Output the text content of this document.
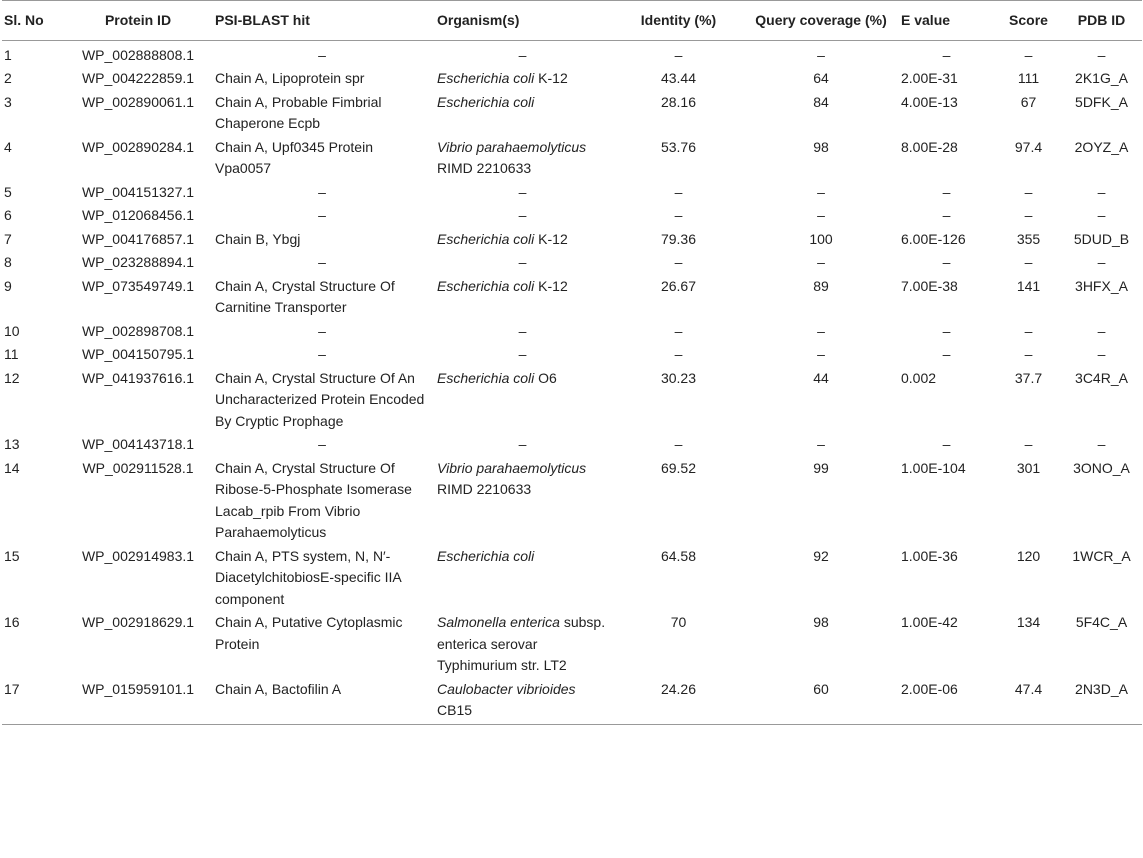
Sl. No	Protein ID	PSI-BLAST hit	Organism(s)	Identity (%)	Query coverage (%)	E value	Score	PDB ID
1	WP_002888808.1	–	–	–	–	–	–	–
2	WP_004222859.1	Chain A, Lipoprotein spr	Escherichia coli K-12	43.44	64	2.00E-31	111	2K1G_A
3	WP_002890061.1	Chain A, Probable Fimbrial Chaperone Ecpb	Escherichia coli	28.16	84	4.00E-13	67	5DFK_A
4	WP_002890284.1	Chain A, Upf0345 Protein Vpa0057	Vibrio parahaemolyticus RIMD 2210633	53.76	98	8.00E-28	97.4	2OYZ_A
5	WP_004151327.1	–	–	–	–	–	–	–
6	WP_012068456.1	–	–	–	–	–	–	–
7	WP_004176857.1	Chain B, Ybgj	Escherichia coli K-12	79.36	100	6.00E-126	355	5DUD_B
8	WP_023288894.1	–	–	–	–	–	–	–
9	WP_073549749.1	Chain A, Crystal Structure Of Carnitine Transporter	Escherichia coli K-12	26.67	89	7.00E-38	141	3HFX_A
10	WP_002898708.1	–	–	–	–	–	–	–
11	WP_004150795.1	–	–	–	–	–	–	–
12	WP_041937616.1	Chain A, Crystal Structure Of An Uncharacterized Protein Encoded By Cryptic Prophage	Escherichia coli O6	30.23	44	0.002	37.7	3C4R_A
13	WP_004143718.1	–	–	–	–	–	–	–
14	WP_002911528.1	Chain A, Crystal Structure Of Ribose-5-Phosphate Isomerase Lacab_rpib From Vibrio Parahaemolyticus	Vibrio parahaemolyticus RIMD 2210633	69.52	99	1.00E-104	301	3ONO_A
15	WP_002914983.1	Chain A, PTS system, N, N′-DiacetylchitobiosE-specific IIA component	Escherichia coli	64.58	92	1.00E-36	120	1WCR_A
16	WP_002918629.1	Chain A, Putative Cytoplasmic Protein	Salmonella enterica subsp. enterica serovar Typhimurium str. LT2	70	98	1.00E-42	134	5F4C_A
17	WP_015959101.1	Chain A, Bactofilin A	Caulobacter vibrioides CB15	24.26	60	2.00E-06	47.4	2N3D_A
